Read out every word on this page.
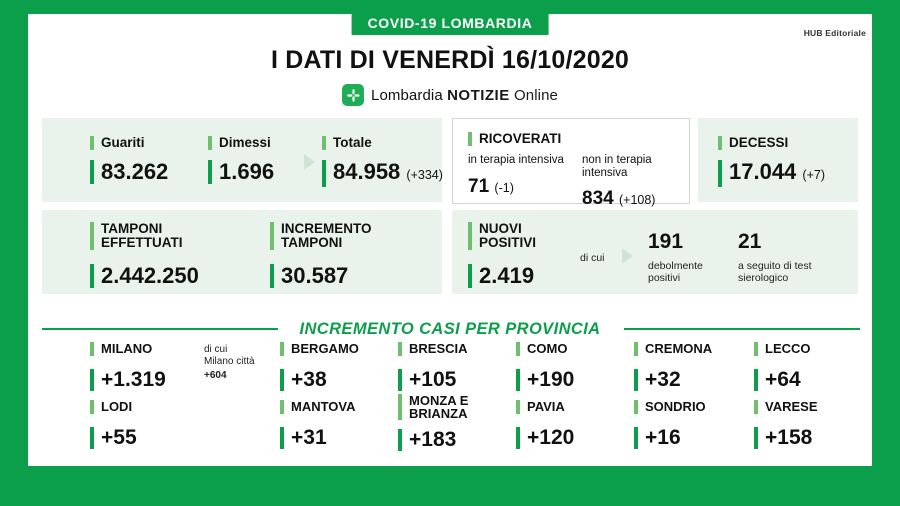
COVID-19 LOMBARDIA
HUB Editoriale
I DATI DI VENERDÌ 16/10/2020
Lombardia NOTIZIE Online
Guariti
83.262
Dimessi
1.696
Totale
84.958 (+334)
RICOVERATI
in terapia intensiva
71 (-1)
non in terapia intensiva
834 (+108)
DECESSI
17.044 (+7)
TAMPONI EFFETTUATI
2.442.250
INCREMENTO TAMPONI
30.587
NUOVI POSITIVI
2.419
di cui
191
debolmente positivi
21
a seguito di test sierologico
INCREMENTO CASI PER PROVINCIA
MILANO
+1.319
di cui
Milano città
+604
BERGAMO
+38
BRESCIA
+105
COMO
+190
CREMONA
+32
LECCO
+64
LODI
+55
MANTOVA
+31
MONZA E BRIANZA
+183
PAVIA
+120
SONDRIO
+16
VARESE
+158
